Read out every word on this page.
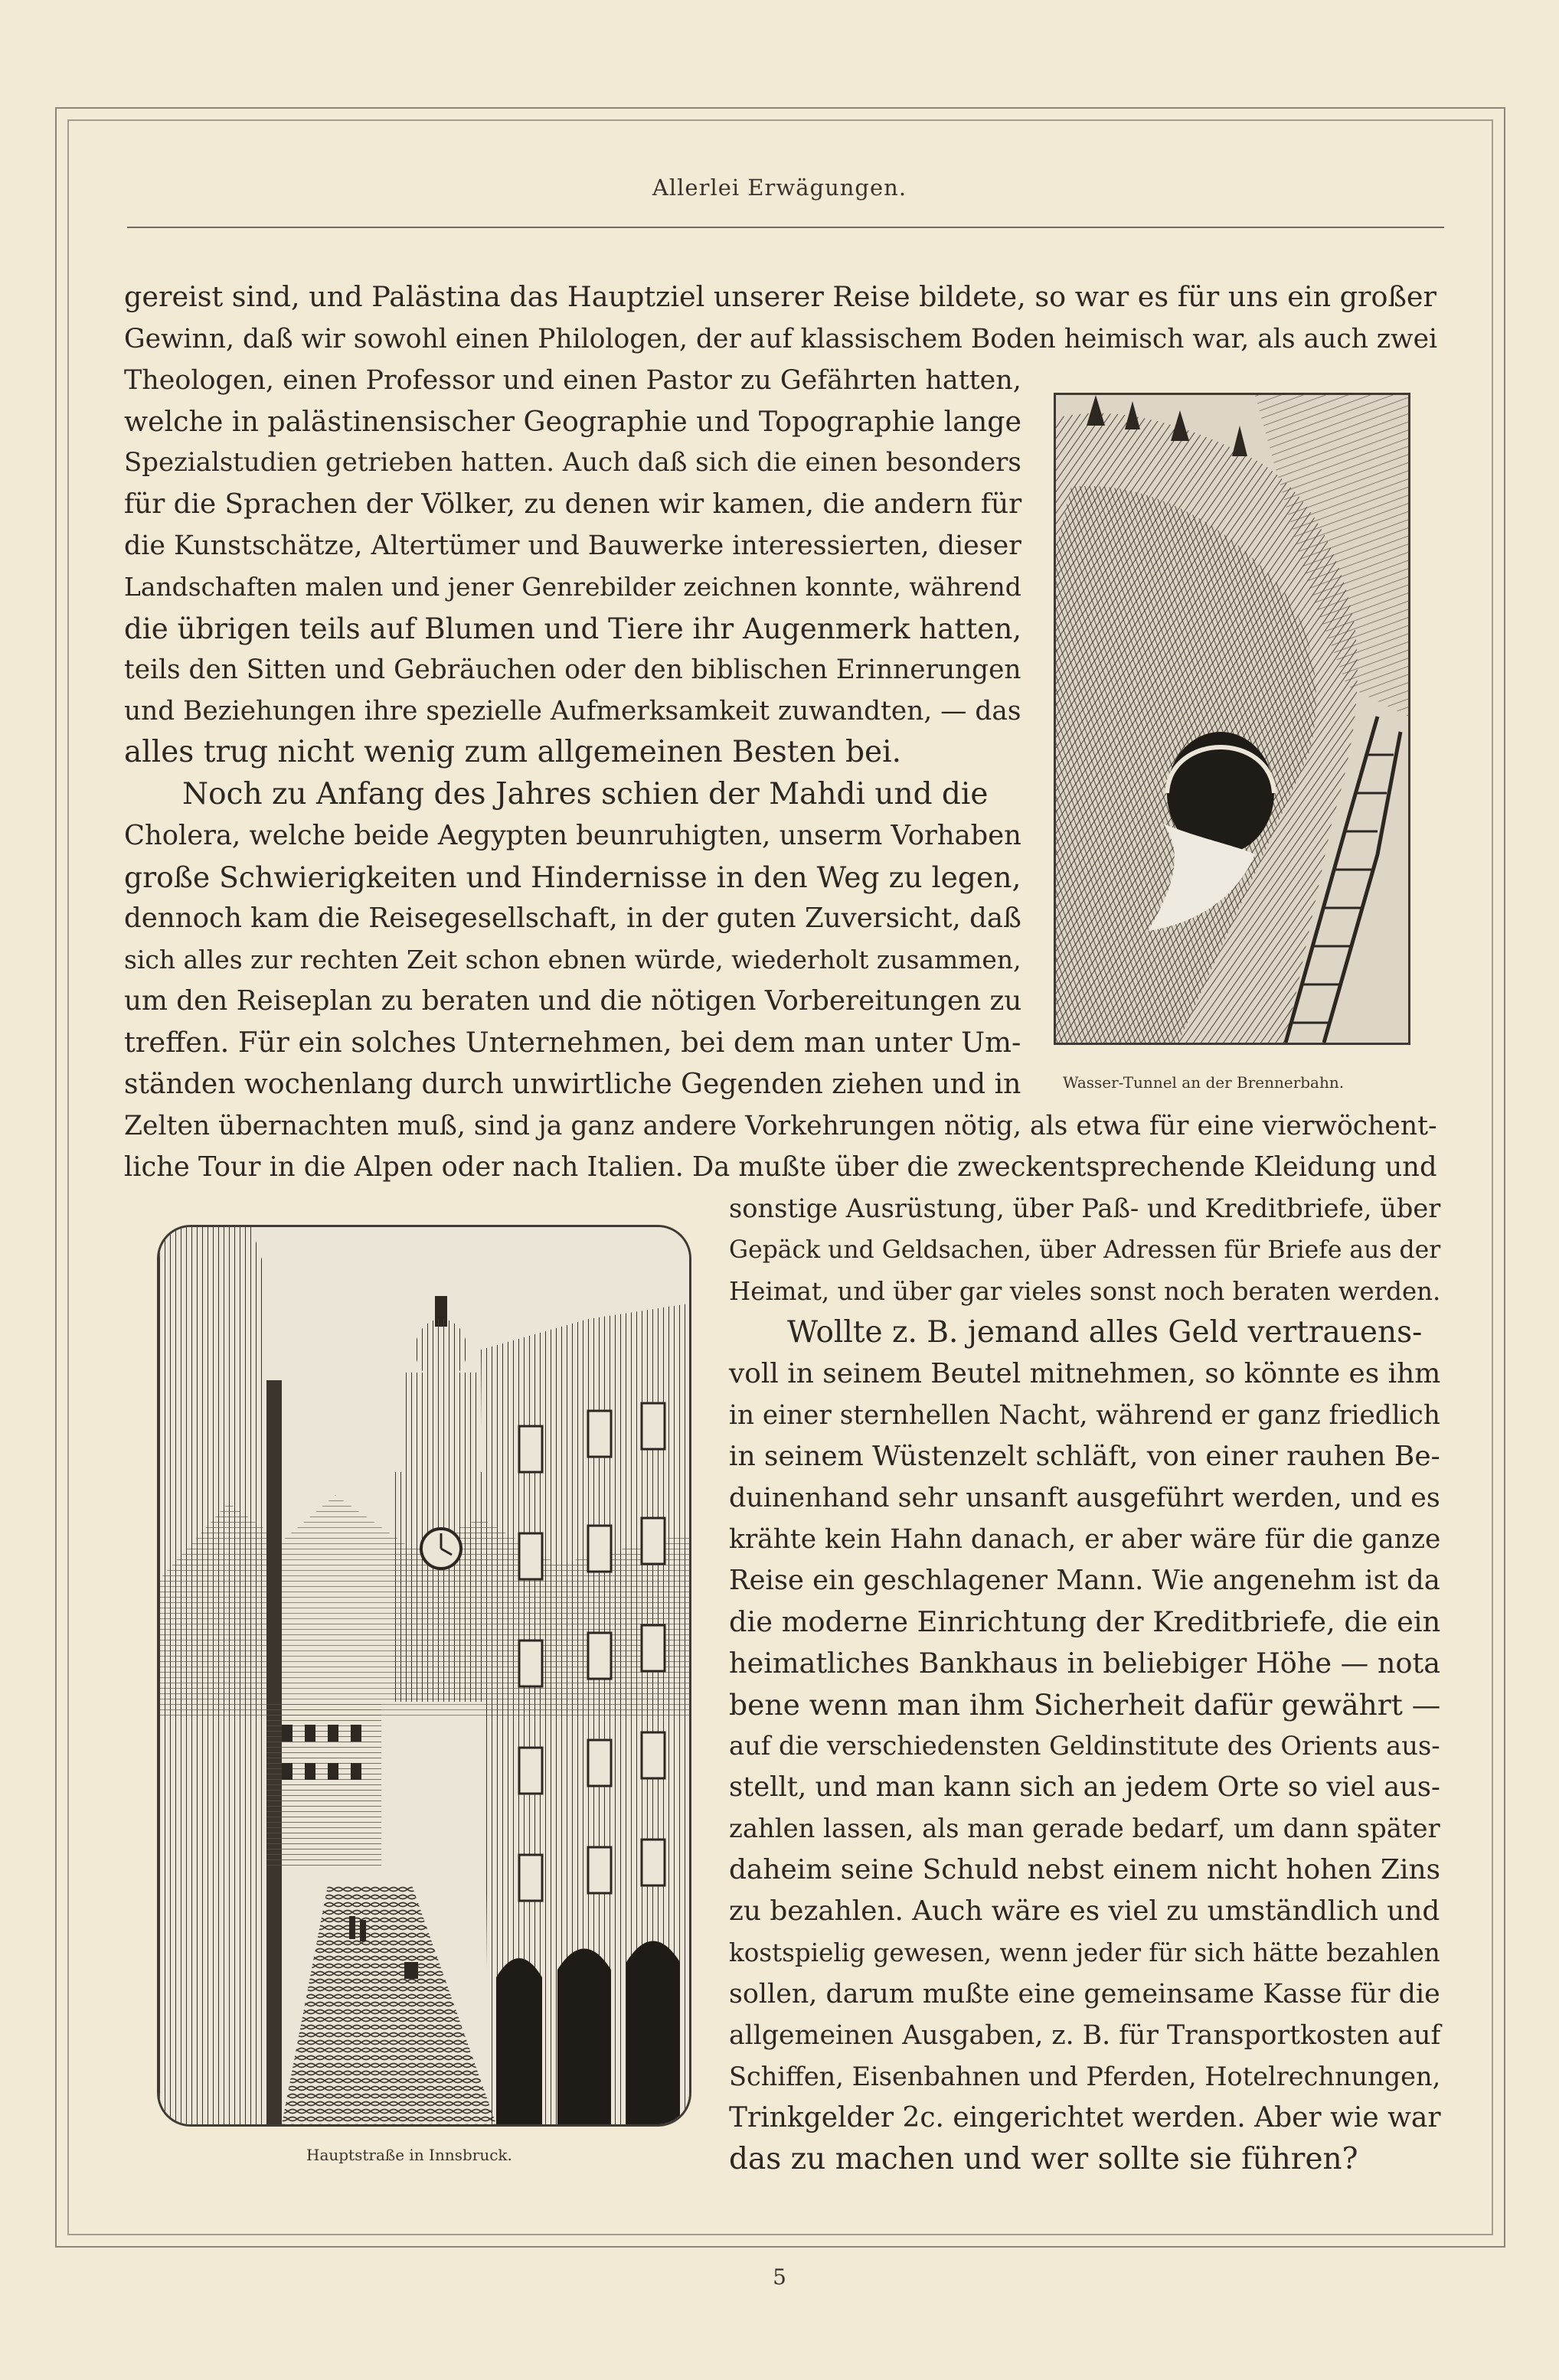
Allerlei Erwägungen.
gereist sind, und Palästina das Hauptziel unserer Reise bildete, so war es für uns ein großer
Gewinn, daß wir sowohl einen Philologen, der auf klassischem Boden heimisch war, als auch zwei
Theologen, einen Professor und einen Pastor zu Gefährten hatten,
welche in palästinensischer Geographie und Topographie lange
Spezialstudien getrieben hatten. Auch daß sich die einen besonders
für die Sprachen der Völker, zu denen wir kamen, die andern für
die Kunstschätze, Altertümer und Bauwerke interessierten, dieser
Landschaften malen und jener Genrebilder zeichnen konnte, während
die übrigen teils auf Blumen und Tiere ihr Augenmerk hatten,
teils den Sitten und Gebräuchen oder den biblischen Erinnerungen
und Beziehungen ihre spezielle Aufmerksamkeit zuwandten, — das
alles trug nicht wenig zum allgemeinen Besten bei.
Noch zu Anfang des Jahres schien der Mahdi und die
Cholera, welche beide Aegypten beunruhigten, unserm Vorhaben
große Schwierigkeiten und Hindernisse in den Weg zu legen,
dennoch kam die Reisegesellschaft, in der guten Zuversicht, daß
sich alles zur rechten Zeit schon ebnen würde, wiederholt zusammen,
um den Reiseplan zu beraten und die nötigen Vorbereitungen zu
treffen. Für ein solches Unternehmen, bei dem man unter Um-
ständen wochenlang durch unwirtliche Gegenden ziehen und in
Zelten übernachten muß, sind ja ganz andere Vorkehrungen nötig, als etwa für eine vierwöchent-
liche Tour in die Alpen oder nach Italien. Da mußte über die zweckentsprechende Kleidung und
sonstige Ausrüstung, über Paß- und Kreditbriefe, über
Gepäck und Geldsachen, über Adressen für Briefe aus der
Heimat, und über gar vieles sonst noch beraten werden.
Wollte z. B. jemand alles Geld vertrauens-
voll in seinem Beutel mitnehmen, so könnte es ihm
in einer sternhellen Nacht, während er ganz friedlich
in seinem Wüstenzelt schläft, von einer rauhen Be-
duinenhand sehr unsanft ausgeführt werden, und es
krähte kein Hahn danach, er aber wäre für die ganze
Reise ein geschlagener Mann. Wie angenehm ist da
die moderne Einrichtung der Kreditbriefe, die ein
heimatliches Bankhaus in beliebiger Höhe — nota
bene wenn man ihm Sicherheit dafür gewährt —
auf die verschiedensten Geldinstitute des Orients aus-
stellt, und man kann sich an jedem Orte so viel aus-
zahlen lassen, als man gerade bedarf, um dann später
daheim seine Schuld nebst einem nicht hohen Zins
zu bezahlen. Auch wäre es viel zu umständlich und
kostspielig gewesen, wenn jeder für sich hätte bezahlen
sollen, darum mußte eine gemeinsame Kasse für die
allgemeinen Ausgaben, z. B. für Transportkosten auf
Schiffen, Eisenbahnen und Pferden, Hotelrechnungen,
Trinkgelder 2c. eingerichtet werden. Aber wie war
das zu machen und wer sollte sie führen?
Wasser-Tunnel an der Brennerbahn.
Hauptstraße in Innsbruck.
5
